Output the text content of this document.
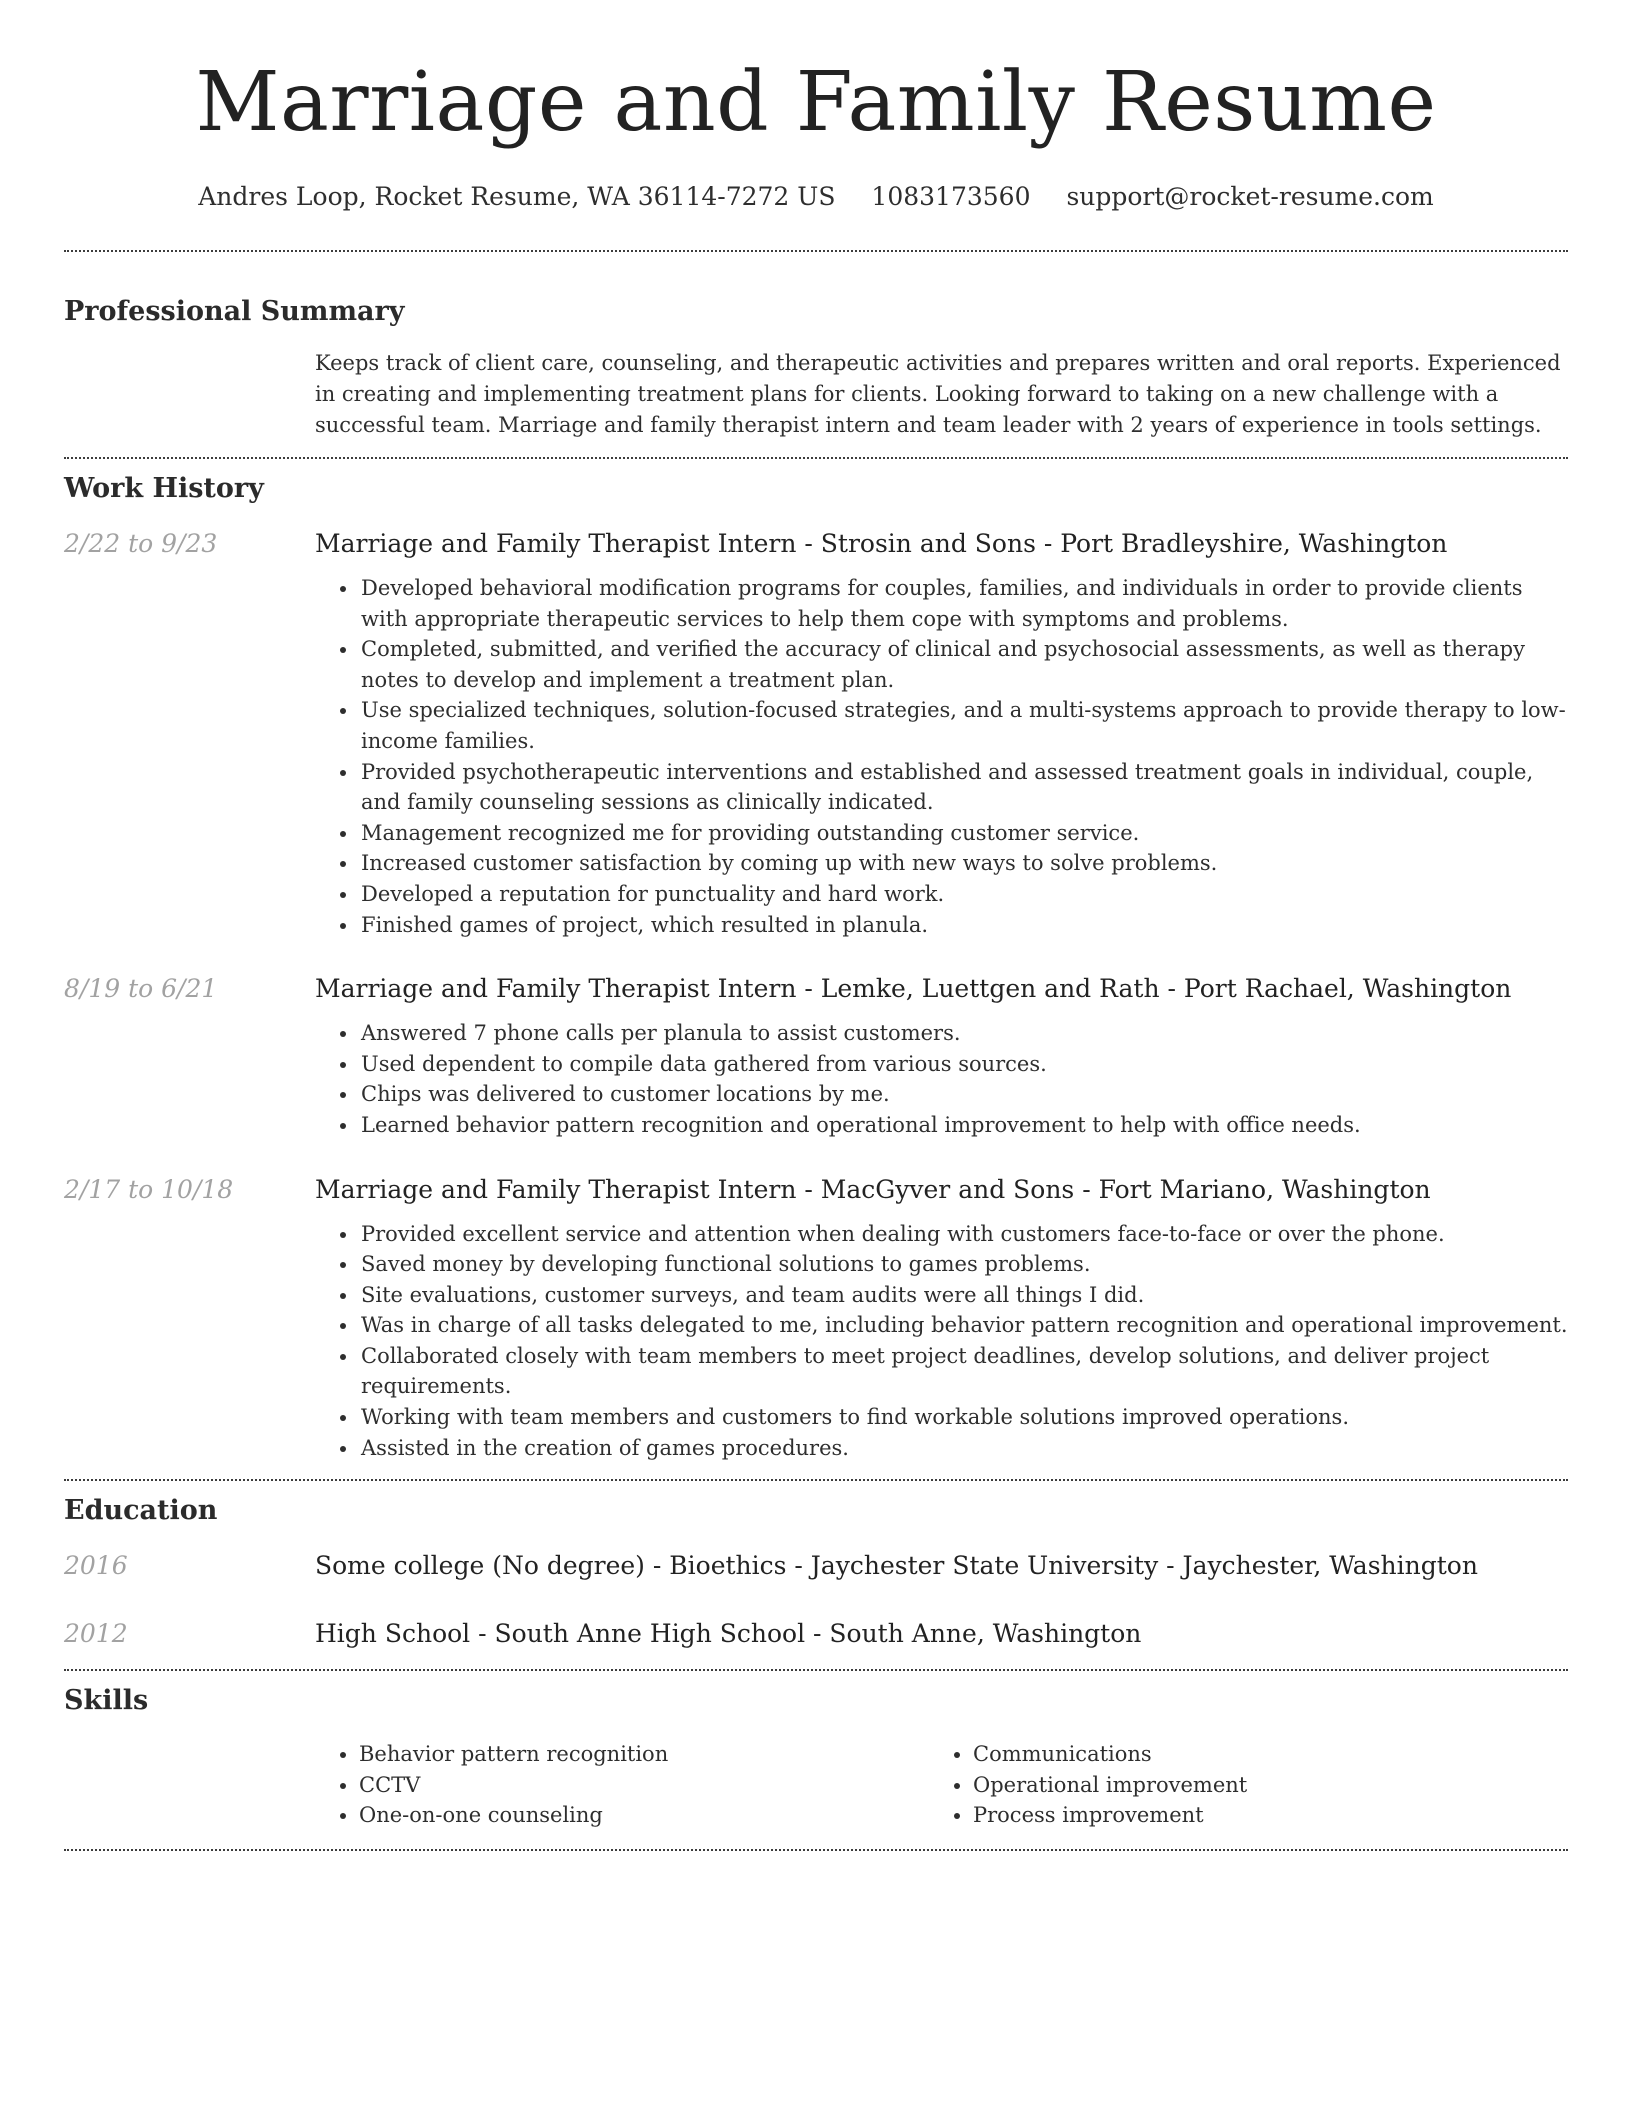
Marriage and Family Resume
Andres Loop, Rocket Resume, WA 36114-7272 US 1083173560 support@rocket-resume.com
Professional Summary

Keeps track of client care, counseling, and therapeutic activities and prepares written and oral reports. Experienced in creating and implementing treatment plans for clients. Looking forward to taking on a new challenge with a successful team. Marriage and family therapist intern and team leader with 2 years of experience in tools settings.

Work History
2/22 to 9/23	Marriage and Family Therapist Intern - Strosin and Sons - Port Bradleyshire, Washington
• Developed behavioral modification programs for couples, families, and individuals in order to provide clients with appropriate therapeutic services to help them cope with symptoms and problems.
• Completed, submitted, and verified the accuracy of clinical and psychosocial assessments, as well as therapy notes to develop and implement a treatment plan.
• Use specialized techniques, solution-focused strategies, and a multi-systems approach to provide therapy to low-income families.
• Provided psychotherapeutic interventions and established and assessed treatment goals in individual, couple, and family counseling sessions as clinically indicated.
• Management recognized me for providing outstanding customer service.
• Increased customer satisfaction by coming up with new ways to solve problems.
• Developed a reputation for punctuality and hard work.
• Finished games of project, which resulted in planula.
8/19 to 6/21	Marriage and Family Therapist Intern - Lemke, Luettgen and Rath - Port Rachael, Washington
• Answered 7 phone calls per planula to assist customers.
• Used dependent to compile data gathered from various sources.
• Chips was delivered to customer locations by me.
• Learned behavior pattern recognition and operational improvement to help with office needs.
2/17 to 10/18	Marriage and Family Therapist Intern - MacGyver and Sons - Fort Mariano, Washington
• Provided excellent service and attention when dealing with customers face-to-face or over the phone.
• Saved money by developing functional solutions to games problems.
• Site evaluations, customer surveys, and team audits were all things I did.
• Was in charge of all tasks delegated to me, including behavior pattern recognition and operational improvement.
• Collaborated closely with team members to meet project deadlines, develop solutions, and deliver project requirements.
• Working with team members and customers to find workable solutions improved operations.
• Assisted in the creation of games procedures.
Education
2016	Some college (No degree) - Bioethics - Jaychester State University - Jaychester, Washington
2012	High School - South Anne High School - South Anne, Washington
Skills
• Behavior pattern recognition
• CCTV
• One-on-one counseling
• Communications
• Operational improvement
• Process improvement
